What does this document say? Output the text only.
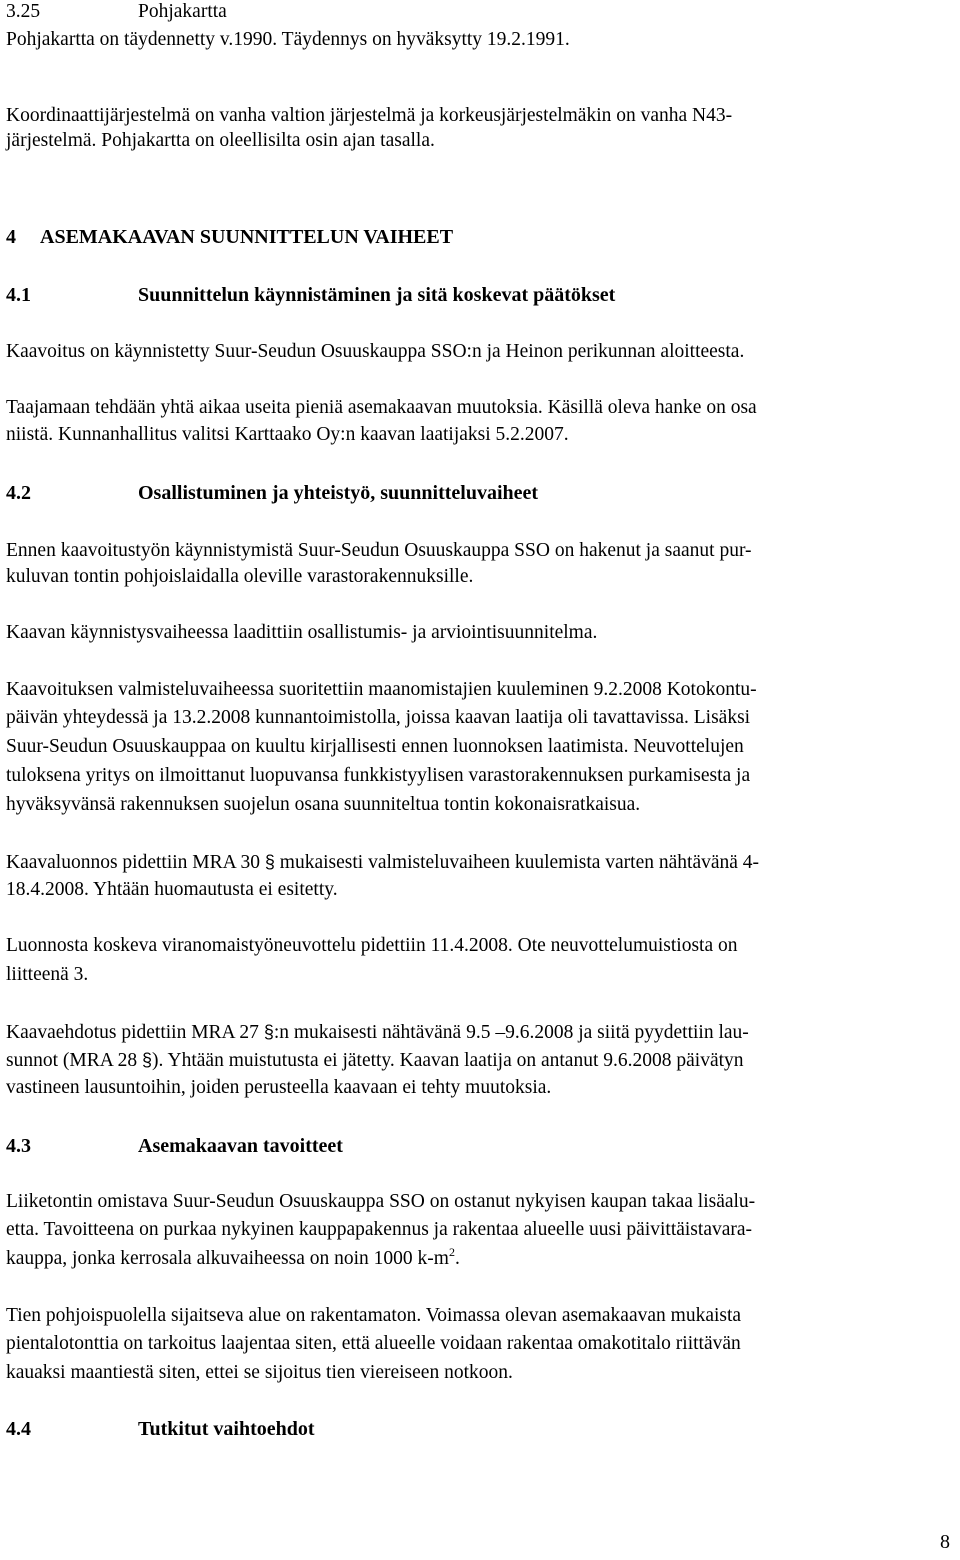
3.25	Pohjakartta
Pohjakartta on täydennetty v.1990. Täydennys on hyväksytty 19.2.1991.
Koordinaattijärjestelmä on vanha valtion järjestelmä ja korkeusjärjestelmäkin on vanha N43-
järjestelmä. Pohjakartta on oleellisilta osin ajan tasalla.
4 ASEMAKAAVAN SUUNNITTELUN VAIHEET
4.1	Suunnittelun käynnistäminen ja sitä koskevat päätökset
Kaavoitus on käynnistetty Suur-Seudun Osuuskauppa SSO:n ja Heinon perikunnan aloitteesta.
Taajamaan tehdään yhtä aikaa useita pieniä asemakaavan muutoksia. Käsillä oleva hanke on osa
niistä. Kunnanhallitus valitsi Karttaako Oy:n kaavan laatijaksi 5.2.2007.
4.2	Osallistuminen ja yhteistyö, suunnitteluvaiheet
Ennen kaavoitustyön käynnistymistä Suur-Seudun Osuuskauppa SSO on hakenut ja saanut pur-
kuluvan tontin pohjoislaidalla oleville varastorakennuksille.
Kaavan käynnistysvaiheessa laadittiin osallistumis- ja arviointisuunnitelma.
Kaavoituksen valmisteluvaiheessa suoritettiin maanomistajien kuuleminen 9.2.2008 Kotokontu-
päivän yhteydessä ja 13.2.2008 kunnantoimistolla, joissa kaavan laatija oli tavattavissa. Lisäksi
Suur-Seudun Osuuskauppaa on kuultu kirjallisesti ennen luonnoksen laatimista. Neuvottelujen
tuloksena yritys on ilmoittanut luopuvansa funkkistyylisen varastorakennuksen purkamisesta ja
hyväksyvänsä rakennuksen suojelun osana suunniteltua tontin kokonaisratkaisua.
Kaavaluonnos pidettiin MRA 30 § mukaisesti valmisteluvaiheen kuulemista varten nähtävänä 4-
18.4.2008. Yhtään huomautusta ei esitetty.
Luonnosta koskeva viranomaistyöneuvottelu pidettiin 11.4.2008. Ote neuvottelumuistiosta on
liitteenä 3.
Kaavaehdotus pidettiin MRA 27 §:n mukaisesti nähtävänä 9.5 –9.6.2008 ja siitä pyydettiin lau-
sunnot (MRA 28 §). Yhtään muistutusta ei jätetty. Kaavan laatija on antanut 9.6.2008 päivätyn
vastineen lausuntoihin, joiden perusteella kaavaan ei tehty muutoksia.
4.3	Asemakaavan tavoitteet
Liiketontin omistava Suur-Seudun Osuuskauppa SSO on ostanut nykyisen kaupan takaa lisäalu-
etta. Tavoitteena on purkaa nykyinen kauppарakennus ja rakentaa alueelle uusi päivittäistavara-
kauppa, jonka kerrosala alkuvaiheessa on noin 1000 $k-m^2$.
Tien pohjoispuolella sijaitseva alue on rakentamaton. Voimassa olevan asemakaavan mukaista
pientalotonttia on tarkoitus laajentaa siten, että alueelle voidaan rakentaa omakotitalo riittävän
kauaksi maantiestä siten, ettei se sijoitus tien viereiseen notkoon.
4.4	Tutkitut vaihtoehdot
8
